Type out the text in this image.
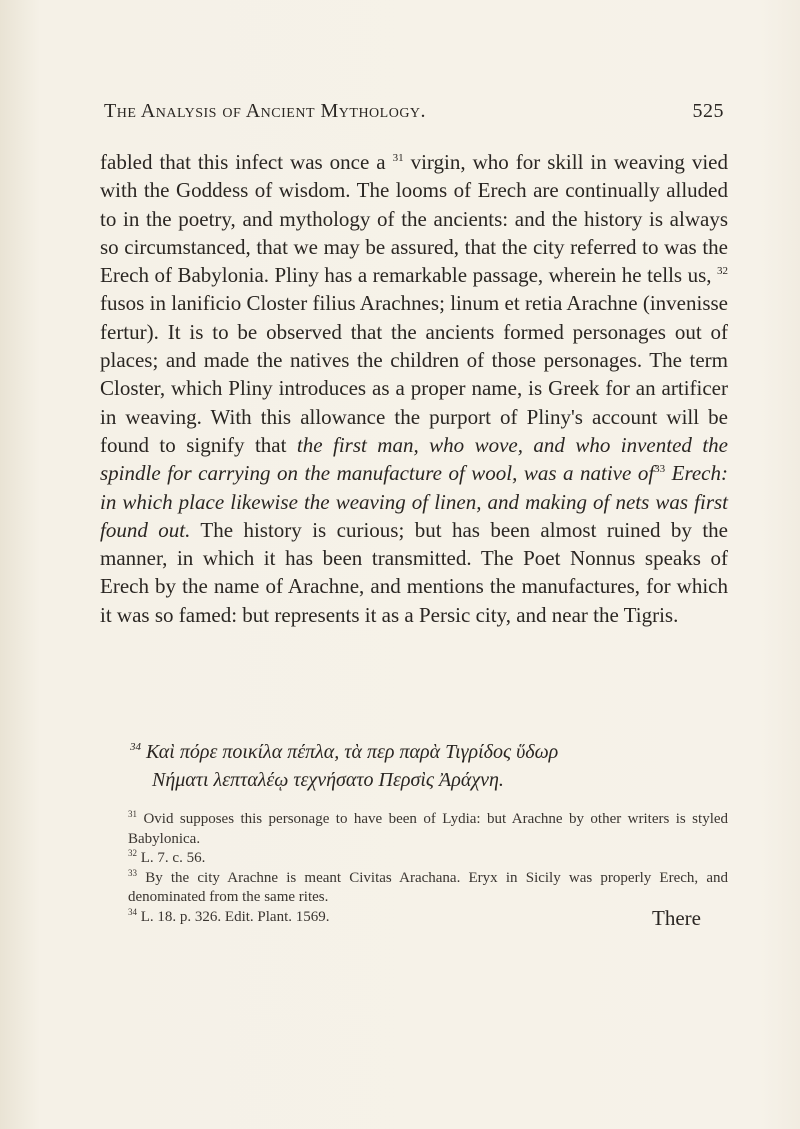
The Analysis of Ancient Mythology.	525

fabled that this infect was once a $^{31}$ virgin, who for skill in weaving vied with the Goddess of wisdom. The looms of Erech are continually alluded to in the poetry, and mythology of the ancients: and the history is always so circumstanced, that we may be assured, that the city referred to was the Erech of Babylonia. Pliny has a remarkable passage, wherein he tells us, $^{32}$ fusos in lanificio Closter filius Arachnes; linum et retia Arachne (invenisse fertur). It is to be observed that the ancients formed personages out of places; and made the natives the children of those personages. The term Closter, which Pliny introduces as a proper name, is Greek for an artificer in weaving. With this allowance the purport of Pliny's account will be found to signify that the first man, who wove, and who invented the spindle for carrying on the manufacture of wool, was a native $of^{33}$ Erech: in which place likewise the weaving of linen, and making of nets was first found out. The history is curious; but has been almost ruined by the manner, in which it has been transmitted. The Poet Nonnus speaks of Erech by the name of Arachne, and mentions the manufactures, for which it was so famed: but represents it as a Persic city, and near the Tigris.

$^{34}$ Καὶ πόρε ποικίλα πέπλα, τὰ περ παρὰ Τιγρίδος ὕδωρ
Νήματι λεπταλέῳ τεχνήσατο Περσὶς Ἀράχνη.

$^{31}$ Ovid supposes this personage to have been of Lydia: but Arachne by other writers is styled Babylonica.

$^{32}$ L. 7. c. 56.

$^{33}$ By the city Arachne is meant Civitas Arachana. Eryx in Sicily was properly Erech, and denominated from the same rites.

$^{34}$ L. 18. p. 326. Edit. Plant. 1569.	There
